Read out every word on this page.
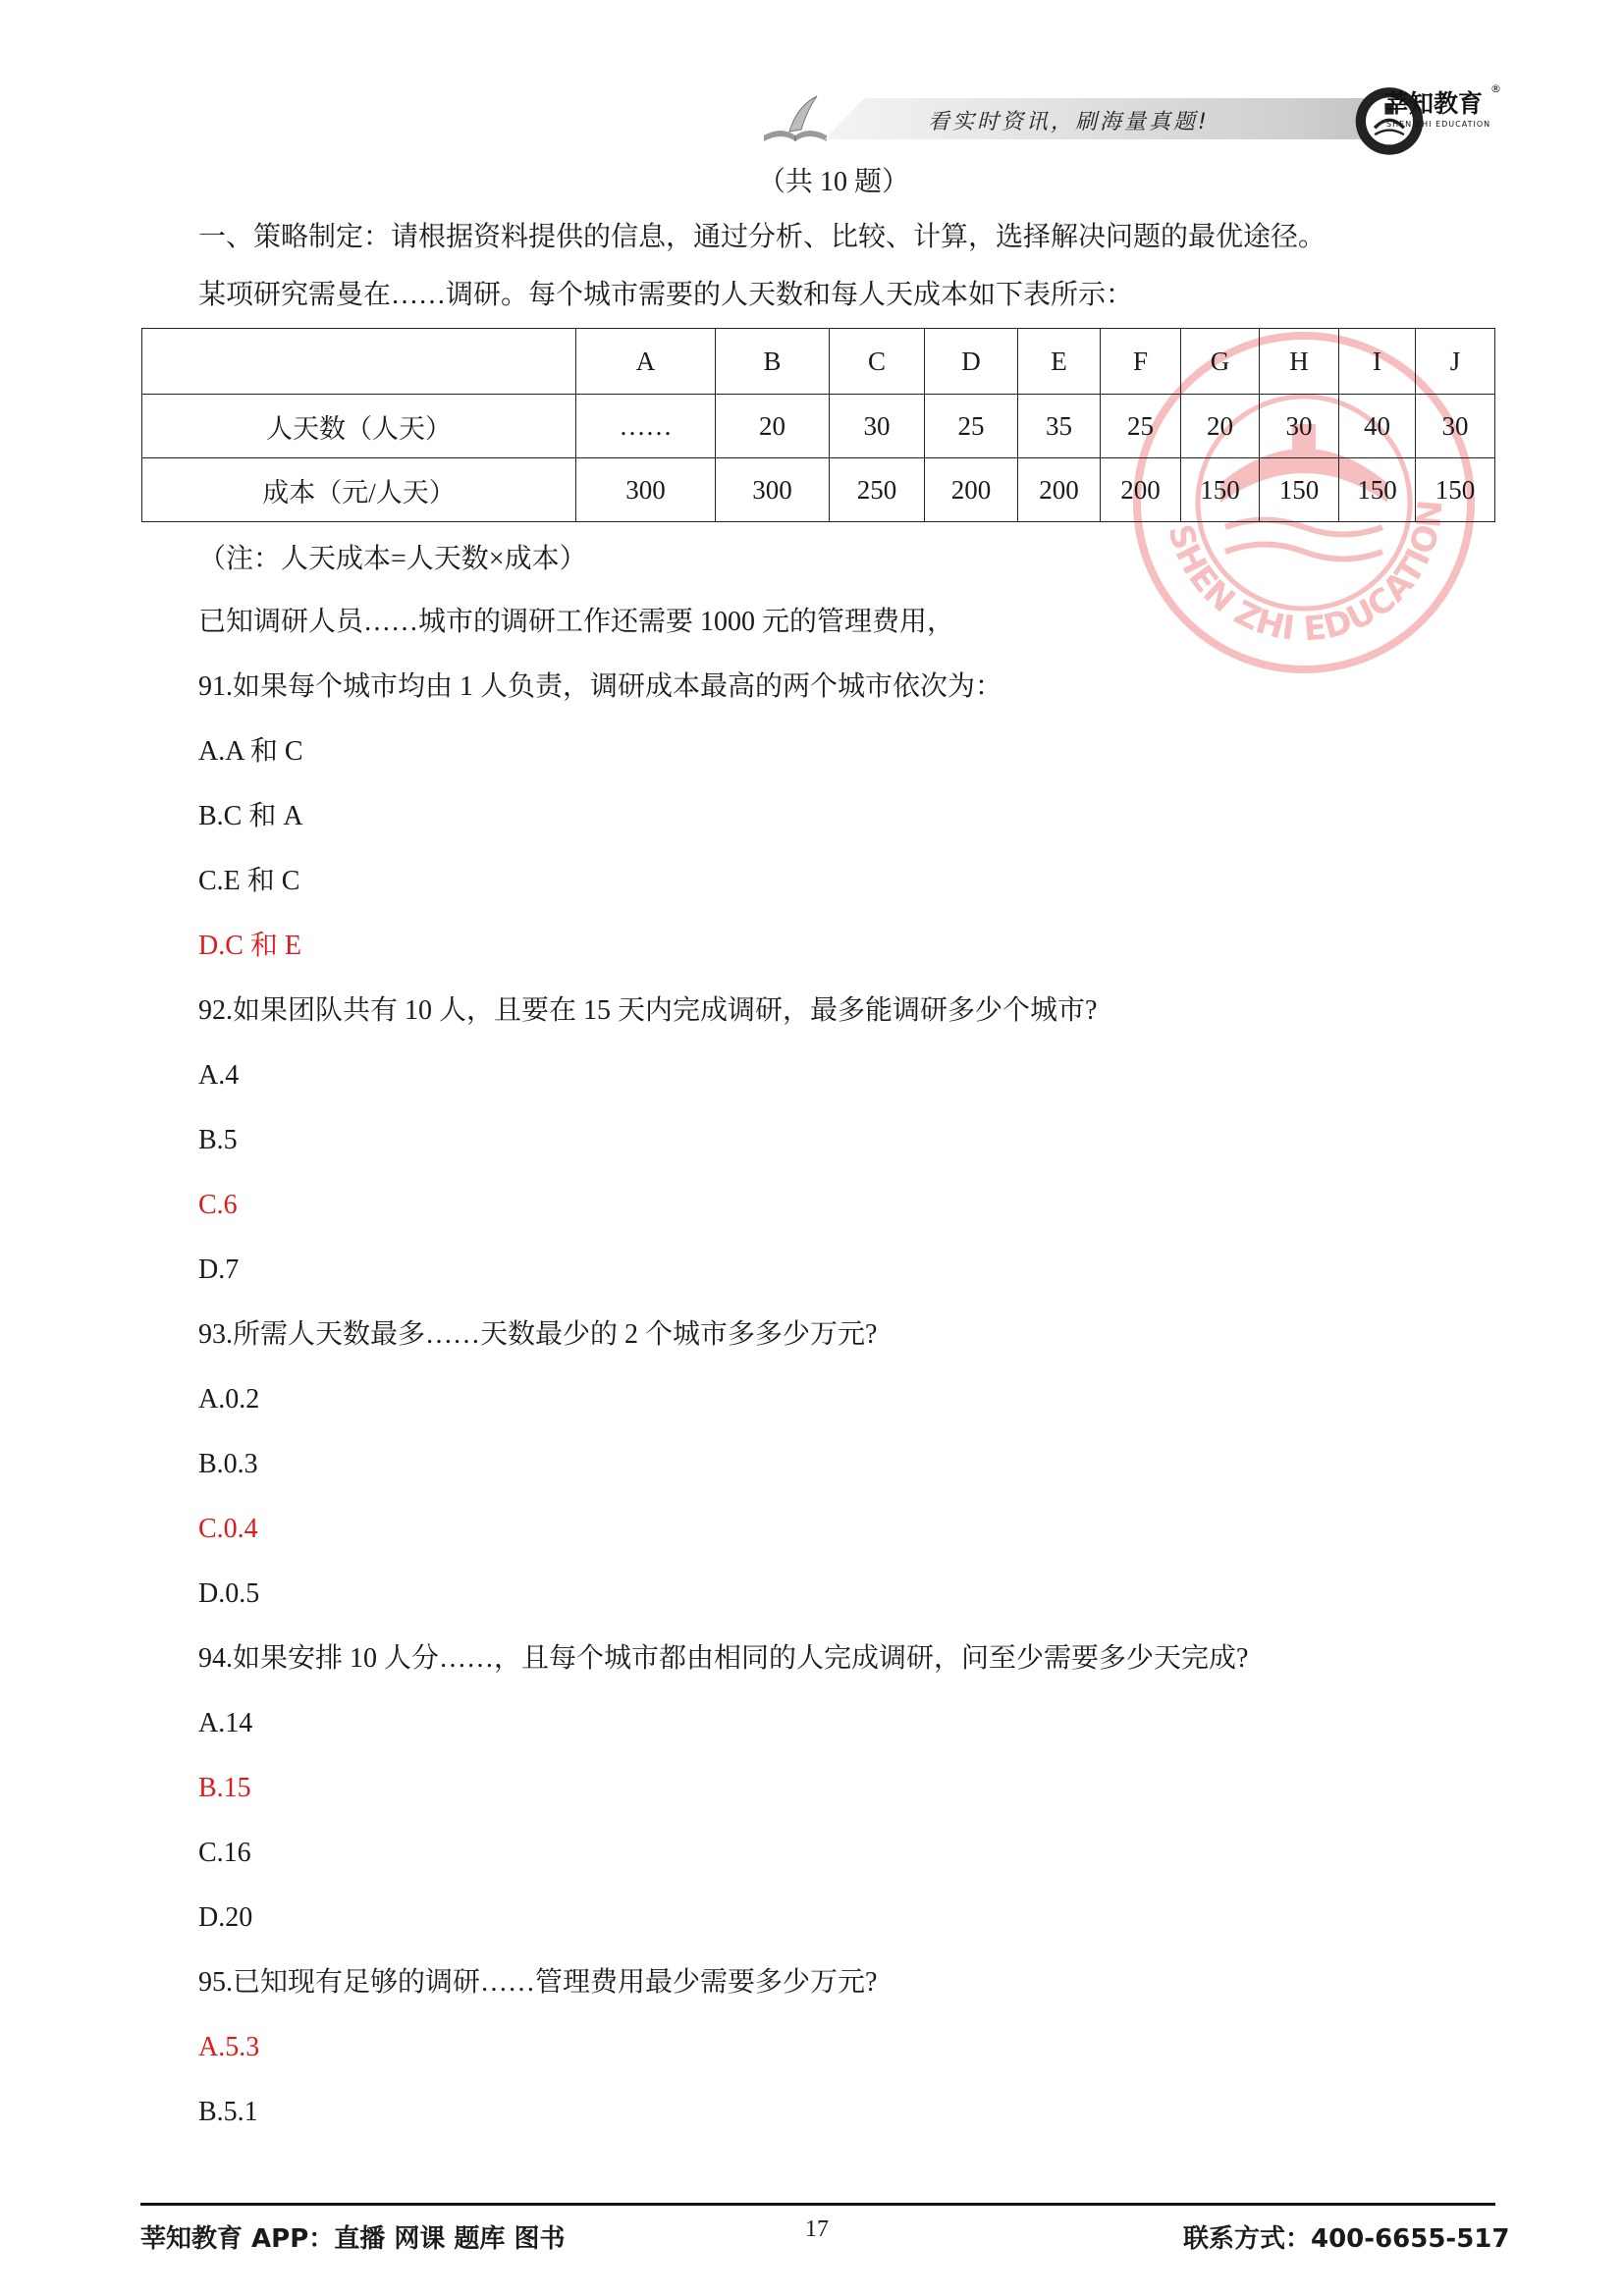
看实时资讯，刷海量真题!
莘知教育
®
SHEN ZHI EDUCATION
SHEN ZHI EDUCATION
（共 10 题）
一、策略制定：请根据资料提供的信息，通过分析、比较、计算，选择解决问题的最优途径。
某项研究需曼在……调研。每个城市需要的人天数和每人天成本如下表所示：
	A	B	C	D	E	F	G	H	I	J
人天数（人天）	……	20	30	25	35	25	20	30	40	30
成本（元/人天）	300	300	250	200	200	200	150	150	150	150
（注：人天成本=人天数×成本）
已知调研人员……城市的调研工作还需要 1000 元的管理费用，
91.如果每个城市均由 1 人负责，调研成本最高的两个城市依次为：
A.A 和 C
B.C 和 A
C.E 和 C
D.C 和 E
92.如果团队共有 10 人，且要在 15 天内完成调研，最多能调研多少个城市?
A.4
B.5
C.6
D.7
93.所需人天数最多……天数最少的 2 个城市多多少万元?
A.0.2
B.0.3
C.0.4
D.0.5
94.如果安排 10 人分……，且每个城市都由相同的人完成调研，问至少需要多少天完成?
A.14
B.15
C.16
D.20
95.已知现有足够的调研……管理费用最少需要多少万元?
A.5.3
B.5.1
莘知教育 APP：直播 网课 题库 图书	17	联系方式：400-6655-517
